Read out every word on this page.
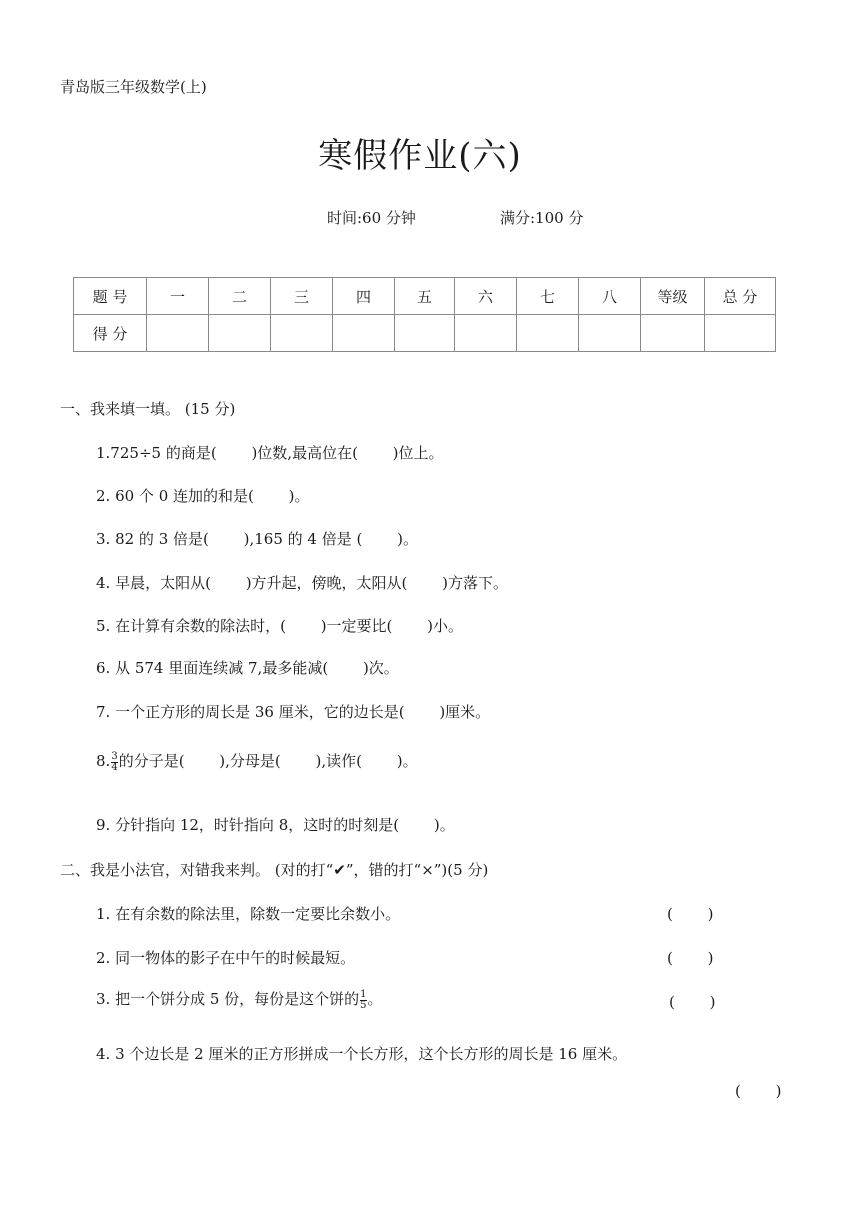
青岛版三年级数学(上)
寒假作业(六)
时间:60 分钟	满分:100 分
题 号	一	二	三	四	五	六	七	八	等级	总 分
得 分										
一、我来填一填。 (15 分)
1.725÷5 的商是(　　 )位数,最高位在(　　 )位上。
2. 60 个 0 连加的和是(　　 )。
3. 82 的 3 倍是(　　 ),165 的 4 倍是 (　　 )。
4. 早晨，太阳从(　　 )方升起，傍晚，太阳从(　　 )方落下。
5. 在计算有余数的除法时，(　　 )一定要比(　　 )小。
6. 从 574 里面连续减 7,最多能减(　　 )次。
7. 一个正方形的周长是 36 厘米，它的边长是(　　 )厘米。
$8.\frac{3}{4}$ 的分子是(　　 ),分母是(　　 ),读作(　　 )。
9. 分针指向 12，时针指向 8，这时的时刻是(　　 )。
二、我是小法官，对错我来判。 (对的打“✔”，错的打“×”)(5 分)
1. 在有余数的除法里，除数一定要比余数小。	(　　 )
2. 同一物体的影子在中午的时候最短。	(　　 )
3. 把一个饼分成 5 份，每份是这个饼的$\frac{1}{5}$ 。	(　　 )
4. 3 个边长是 2 厘米的正方形拼成一个长方形，这个长方形的周长是 16 厘米。
(　　 )
